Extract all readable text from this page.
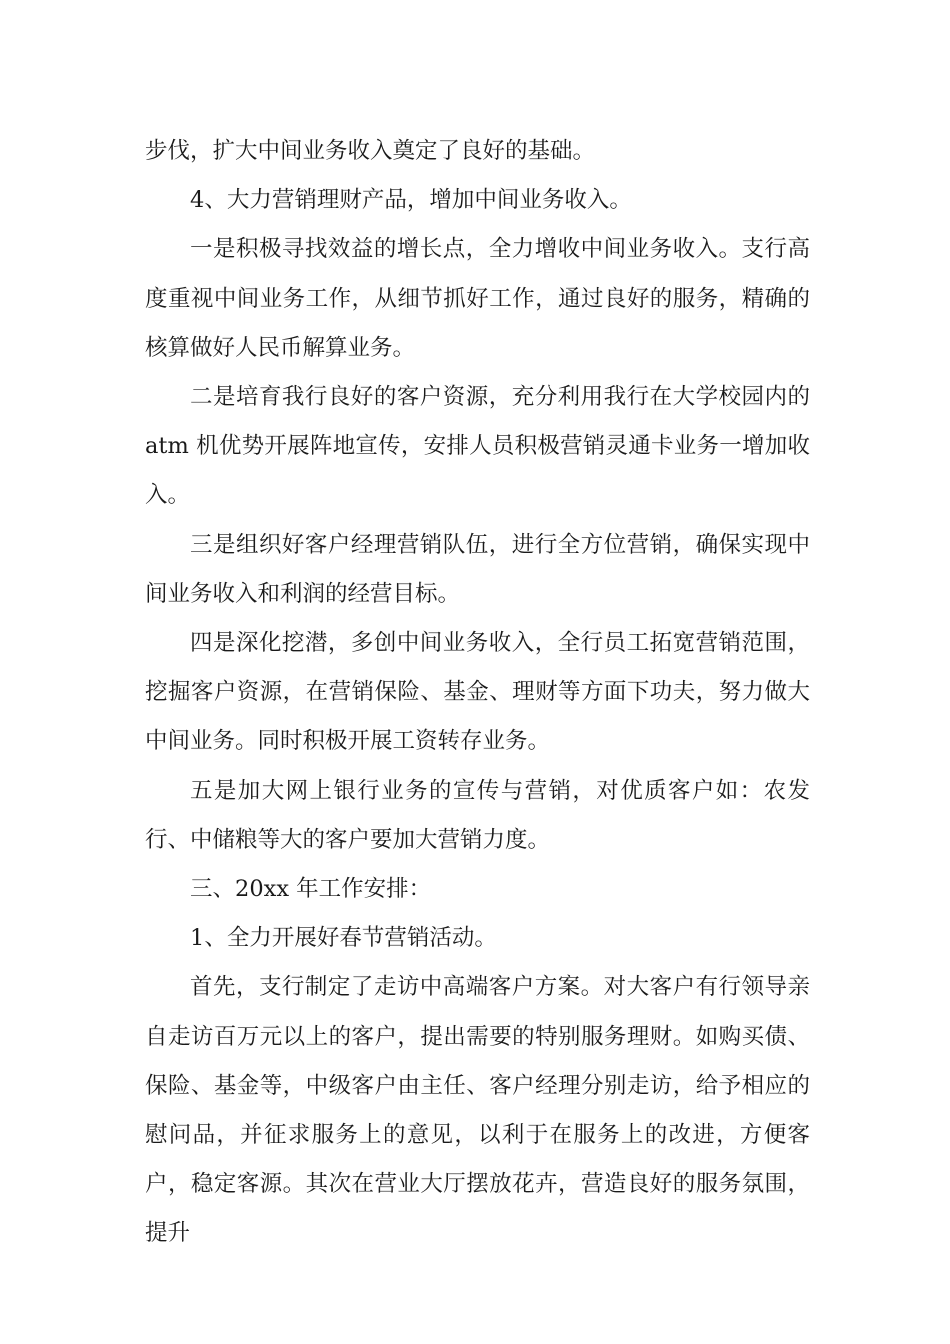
步伐，扩大中间业务收入奠定了良好的基础。

4、大力营销理财产品，增加中间业务收入。

一是积极寻找效益的增长点，全力增收中间业务收入。支行高度重视中间业务工作，从细节抓好工作，通过良好的服务，精确的核算做好人民币解算业务。

二是培育我行良好的客户资源，充分利用我行在大学校园内的atm 机优势开展阵地宣传，安排人员积极营销灵通卡业务一增加收入。

三是组织好客户经理营销队伍，进行全方位营销，确保实现中间业务收入和利润的经营目标。

四是深化挖潜，多创中间业务收入，全行员工拓宽营销范围，挖掘客户资源，在营销保险、基金、理财等方面下功夫，努力做大中间业务。同时积极开展工资转存业务。

五是加大网上银行业务的宣传与营销，对优质客户如：农发行、中储粮等大的客户要加大营销力度。

三、20xx 年工作安排：

1、全力开展好春节营销活动。

首先，支行制定了走访中高端客户方案。对大客户有行领导亲自走访百万元以上的客户，提出需要的特别服务理财。如购买债、保险、基金等，中级客户由主任、客户经理分别走访，给予相应的慰问品，并征求服务上的意见，以利于在服务上的改进，方便客户，稳定客源。其次在营业大厅摆放花卉，营造良好的服务氛围，提升
